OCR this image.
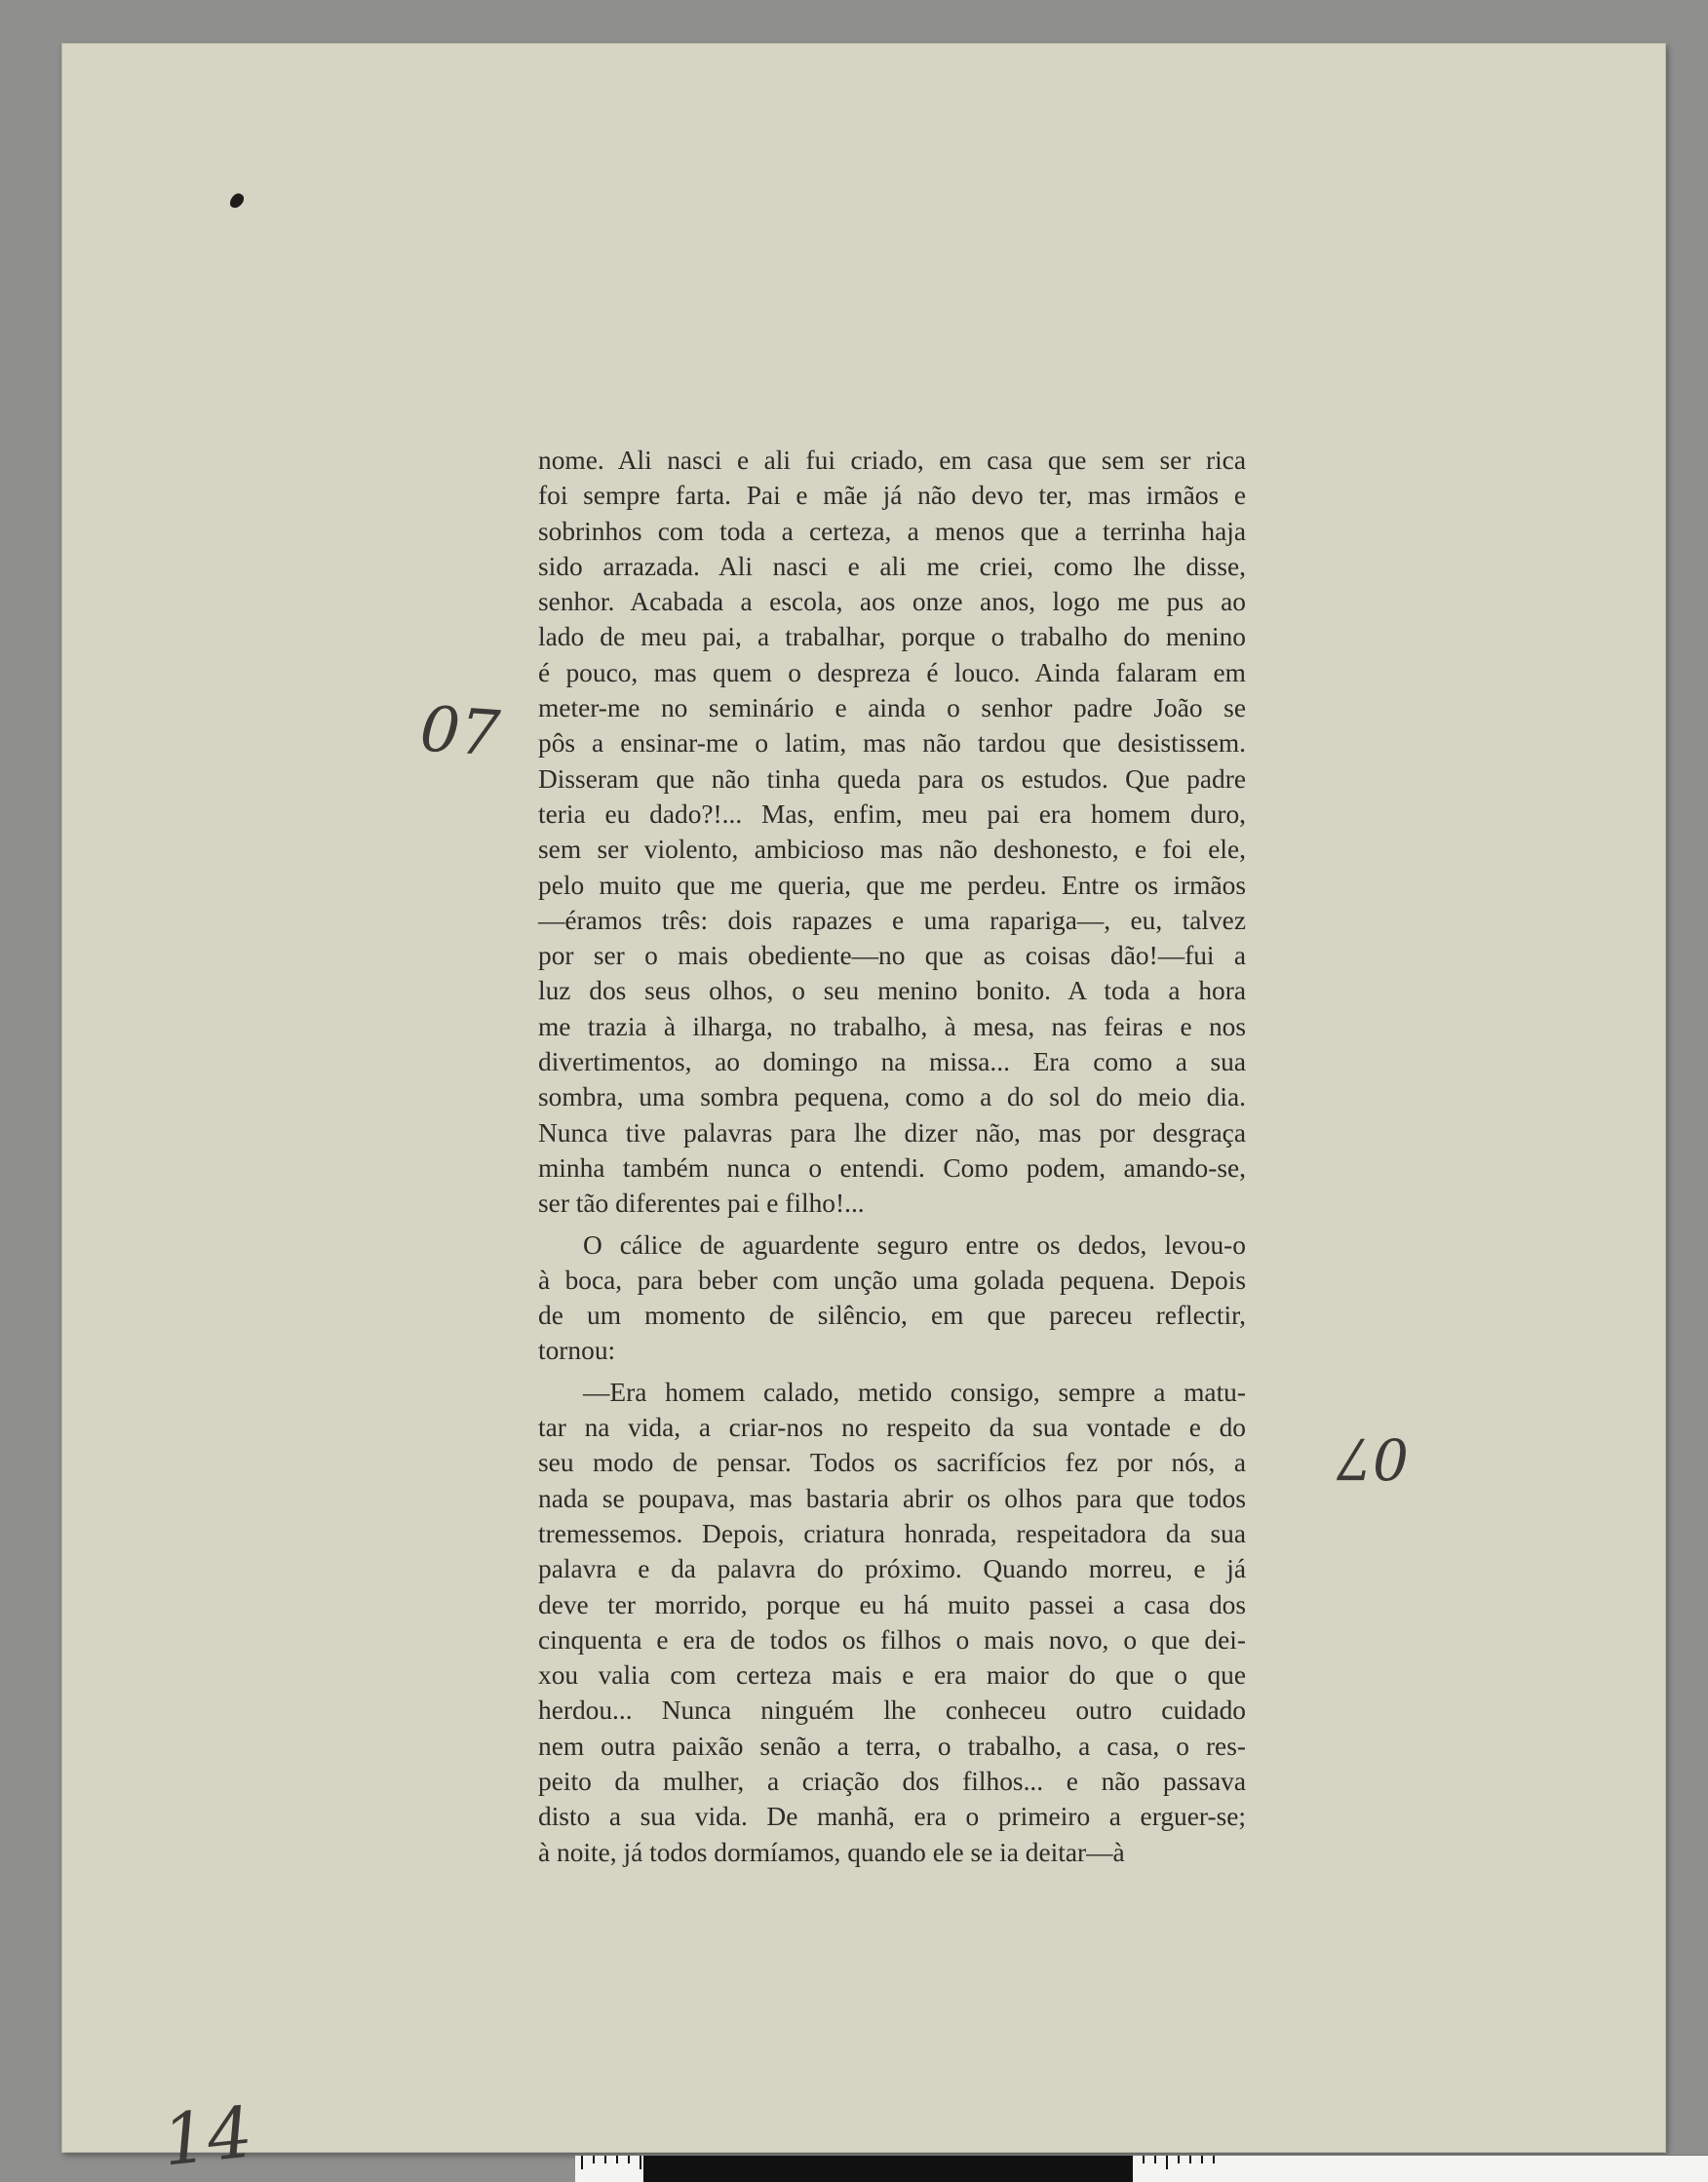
nome. Ali nasci e ali fui criado, em casa que sem ser rica
foi sempre farta. Pai e mãe já não devo ter, mas irmãos e
sobrinhos com toda a certeza, a menos que a terrinha haja
sido arrazada. Ali nasci e ali me criei, como lhe disse,
senhor. Acabada a escola, aos onze anos, logo me pus ao
lado de meu pai, a trabalhar, porque o trabalho do menino
é pouco, mas quem o despreza é louco. Ainda falaram em
meter-me no seminário e ainda o senhor padre João se
pôs a ensinar-me o latim, mas não tardou que desistissem.
Disseram que não tinha queda para os estudos. Que padre
teria eu dado?!... Mas, enfim, meu pai era homem duro,
sem ser violento, ambicioso mas não deshonesto, e foi ele,
pelo muito que me queria, que me perdeu. Entre os irmãos
—éramos três: dois rapazes e uma rapariga—, eu, talvez
por ser o mais obediente—no que as coisas dão!—fui a
luz dos seus olhos, o seu menino bonito. A toda a hora
me trazia à ilharga, no trabalho, à mesa, nas feiras e nos
divertimentos, ao domingo na missa... Era como a sua
sombra, uma sombra pequena, como a do sol do meio dia.
Nunca tive palavras para lhe dizer não, mas por desgraça
minha também nunca o entendi. Como podem, amando-se,
ser tão diferentes pai e filho!...
O cálice de aguardente seguro entre os dedos, levou-o
à boca, para beber com unção uma golada pequena. Depois
de um momento de silêncio, em que pareceu reflectir,
tornou:
—Era homem calado, metido consigo, sempre a matu-
tar na vida, a criar-nos no respeito da sua vontade e do
seu modo de pensar. Todos os sacrifícios fez por nós, a
nada se poupava, mas bastaria abrir os olhos para que todos
tremessemos. Depois, criatura honrada, respeitadora da sua
palavra e da palavra do próximo. Quando morreu, e já
deve ter morrido, porque eu há muito passei a casa dos
cinquenta e era de todos os filhos o mais novo, o que dei-
xou valia com certeza mais e era maior do que o que
herdou... Nunca ninguém lhe conheceu outro cuidado
nem outra paixão senão a terra, o trabalho, a casa, o res-
peito da mulher, a criação dos filhos... e não passava
disto a sua vida. De manhã, era o primeiro a erguer-se;
à noite, já todos dormíamos, quando ele se ia deitar—à
07
07
14
